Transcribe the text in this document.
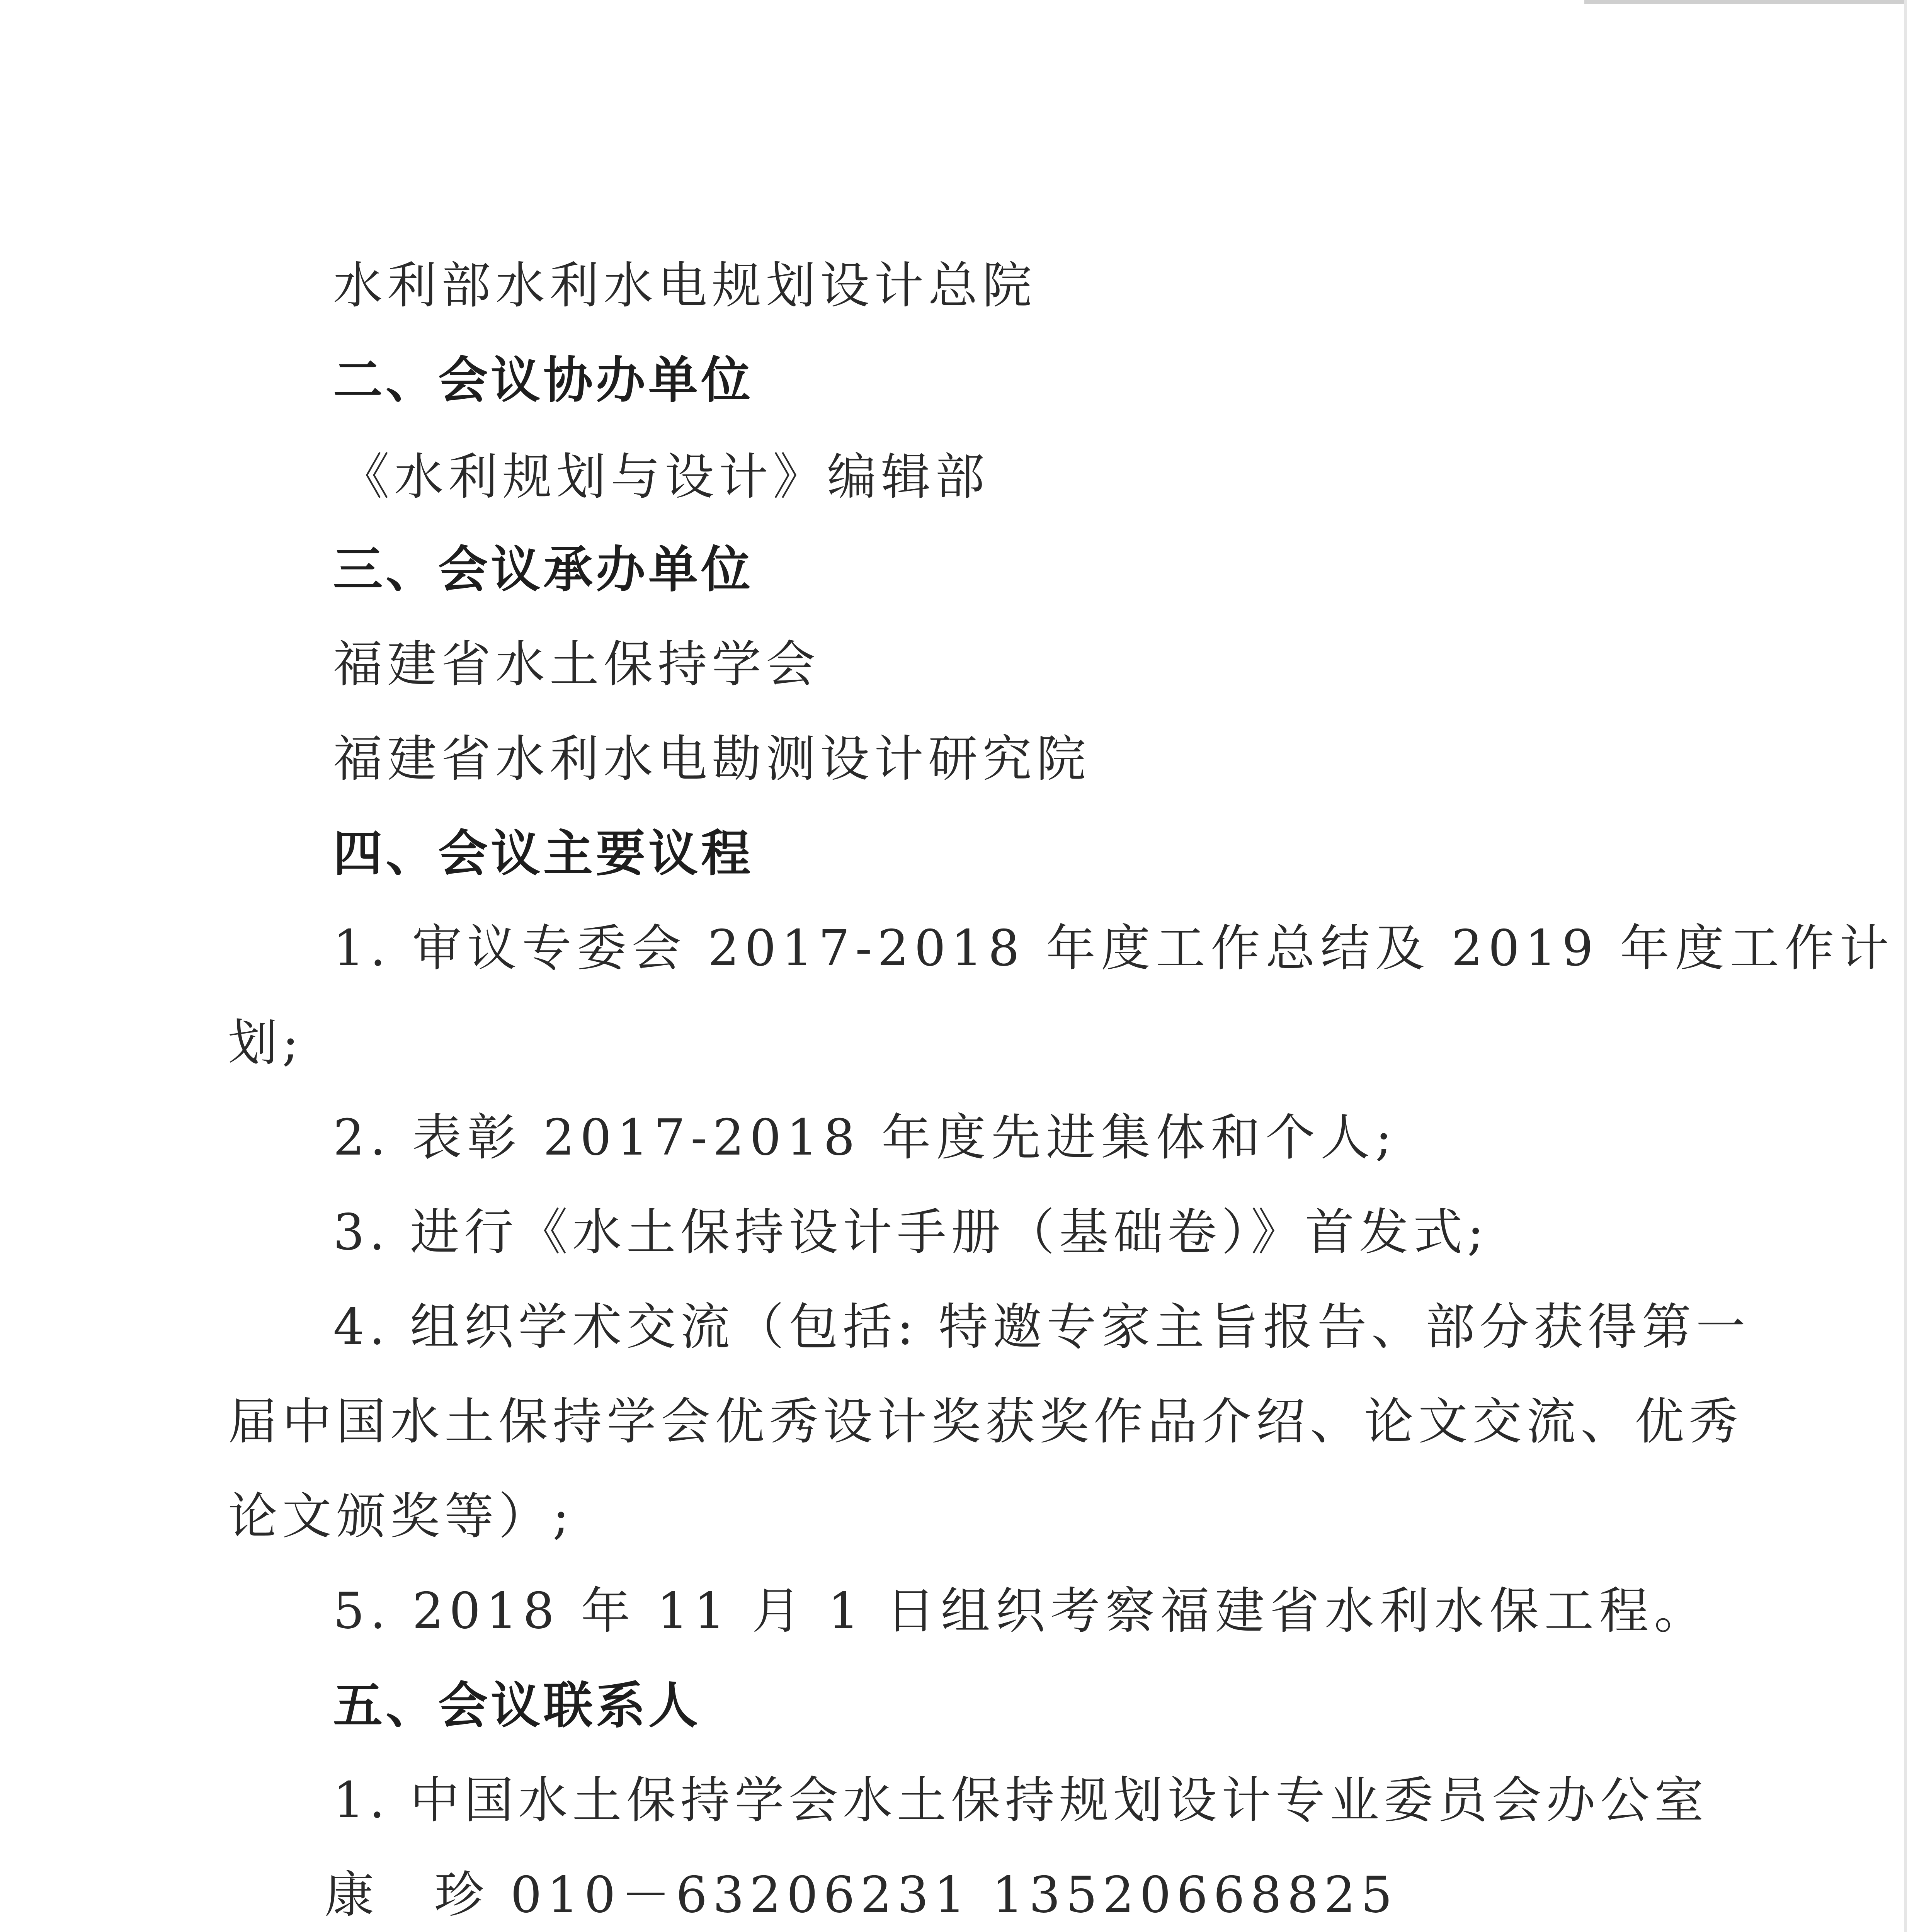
水利部水利水电规划设计总院
二、会议协办单位
《水利规划与设计》编辑部
三、会议承办单位
福建省水土保持学会
福建省水利水电勘测设计研究院
四、会议主要议程
1. 审议专委会 2017-2018 年度工作总结及 2019 年度工作计
划;
2. 表彰 2017-2018 年度先进集体和个人;
3. 进行《水土保持设计手册（基础卷）》首发式;
4. 组织学术交流（包括: 特邀专家主旨报告、部分获得第一
届中国水土保持学会优秀设计奖获奖作品介绍、论文交流、优秀
论文颁奖等）;
5. 2018 年 11 月 1 日组织考察福建省水利水保工程。
五、会议联系人
1. 中国水土保持学会水土保持规划设计专业委员会办公室
康　珍 010－63206231 13520668825
